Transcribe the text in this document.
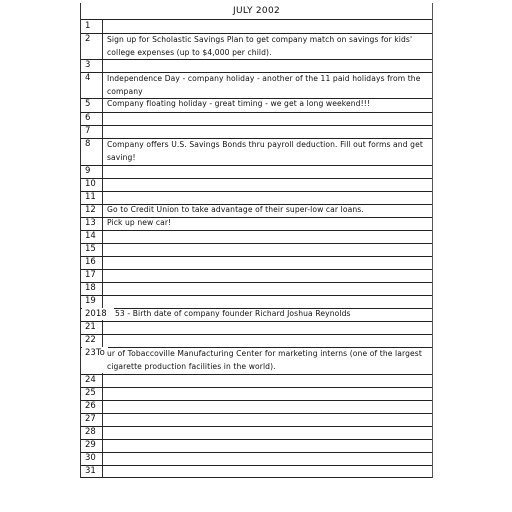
JULY 2002
1
2 Sign up for Scholastic Savings Plan to get company match on savings for kids' college expenses (up to $4,000 per child).
3
4 Independence Day - company holiday - another of the 11 paid holidays from the company
5 Company floating holiday - great timing - we get a long weekend!!!
6
7
8 Company offers U.S. Savings Bonds thru payroll deduction. Fill out forms and get saving!
9
10
11
12 Go to Credit Union to take advantage of their super-low car loans.
13 Pick up new car!
14
15
16
17
18
19
2018 53 - Birth date of company founder Richard Joshua Reynolds
21
22
23To ur of Tobaccoville Manufacturing Center for marketing interns (one of the largest cigarette production facilities in the world).
24
25
26
27
28
29
30
31
